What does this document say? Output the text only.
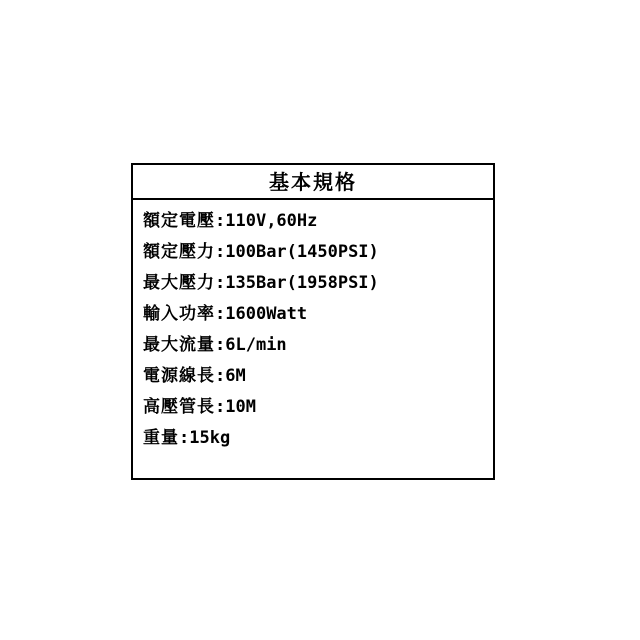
基本規格
額定電壓:110V,60Hz
額定壓力:100Bar(1450PSI)
最大壓力:135Bar(1958PSI)
輸入功率:1600Watt
最大流量:6L/min
電源線長:6M
高壓管長:10M
重量:15kg
